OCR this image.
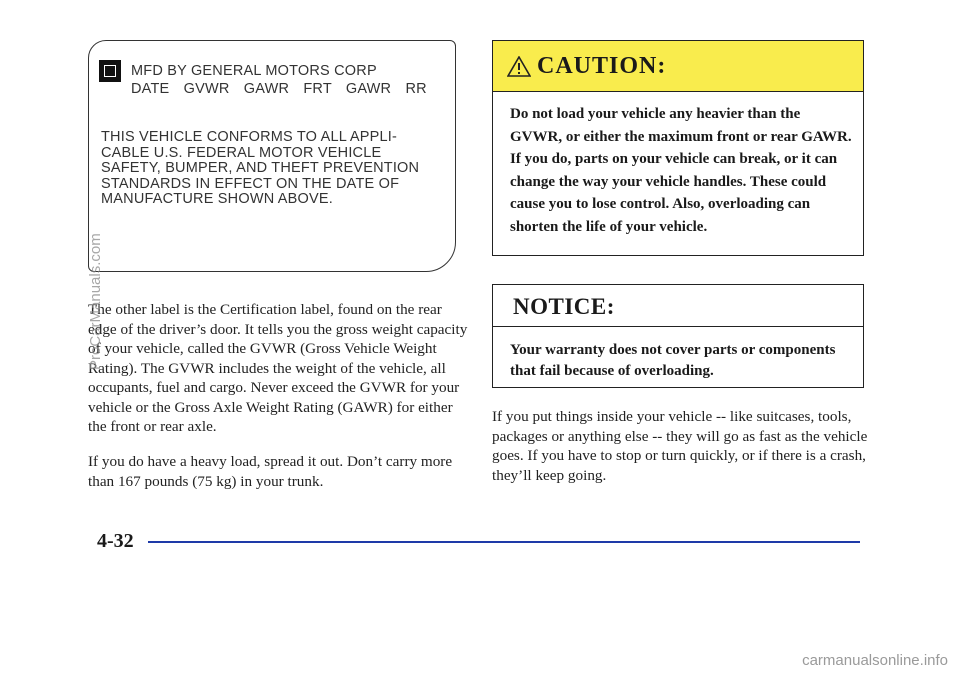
MFD BY GENERAL MOTORS CORP
DATE GVWR GAWR FRT GAWR RR
THIS VEHICLE CONFORMS TO ALL APPLI-
CABLE U.S. FEDERAL MOTOR VEHICLE
SAFETY, BUMPER, AND THEFT PREVENTION
STANDARDS IN EFFECT ON THE DATE OF
MANUFACTURE SHOWN ABOVE.
The other label is the Certification label, found on the rear edge of the driver’s door. It tells you the gross weight capacity of your vehicle, called the GVWR (Gross Vehicle Weight Rating). The GVWR includes the weight of the vehicle, all occupants, fuel and cargo. Never exceed the GVWR for your vehicle or the Gross Axle Weight Rating (GAWR) for either the front or rear axle.
If you do have a heavy load, spread it out. Don’t carry more than 167 pounds (75 kg) in your trunk.
CAUTION:
Do not load your vehicle any heavier than the GVWR, or either the maximum front or rear GAWR. If you do, parts on your vehicle can break, or it can change the way your vehicle handles. These could cause you to lose control. Also, overloading can shorten the life of your vehicle.
NOTICE:
Your warranty does not cover parts or components that fail because of overloading.
If you put things inside your vehicle -- like suitcases, tools, packages or anything else -- they will go as fast as the vehicle goes. If you have to stop or turn quickly, or if there is a crash, they’ll keep going.
4-32
ProCarManuals.com
carmanualsonline.info
